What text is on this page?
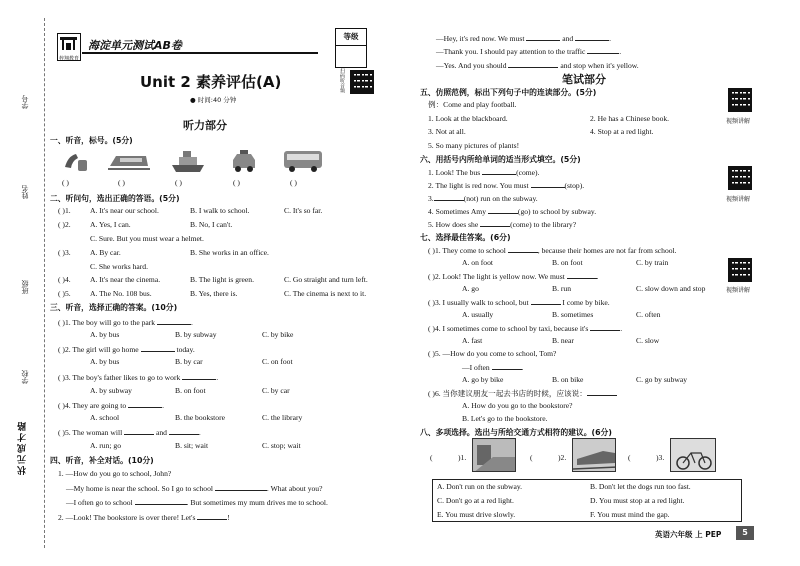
学号
姓名
班级
学校
状元成才路
梓翔教育
海淀单元测试AB卷
等级
扫码听音频
Unit 2 素养评估(A)
● 时间:40 分钟
听力部分
一、听音，标号。(5分)
( )	( )	( )	( )	( )
二、听问句，选出正确的答语。(5分)
( )1.	A. It's near our school.	B. I walk to school.	C. It's so far.
( )2.	A. Yes, I can.	B. No, I can't.
C. Sure. But you must wear a helmet.
( )3.	A. By car.	B. She works in an office.
C. She works hard.
( )4.	A. It's near the cinema.	B. The light is green.	C. Go straight and turn left.
( )5.	A. The No. 108 bus.	B. Yes, there is.	C. The cinema is next to it.
三、听音，选择正确的答案。(10分)
( )1. The boy will go to the park	.
A. by bus	B. by subway	C. by bike
( )2. The girl will go home	today.
A. by bus	B. by car	C. on foot
( )3. The boy's father likes to go to work	.
A. by subway	B. on foot	C. by car
( )4. They are going to	.
A. school	B. the bookstore	C. the library
( )5. The woman will	and	.
A. run; go	B. sit; wait	C. stop; wait
四、听音，补全对话。(10分)
1. —How do you go to school, John?
—My home is near the school. So I go to school	. What about you?
—I often go to school	. But sometimes my mum drives me to school.
2. —Look! The bookstore is over there! Let's	!
—Hey, it's red now. We must	and	.
—Thank you. I should pay attention to the traffic	.
—Yes. And you should	and stop when it's yellow.
笔试部分
五、仿照范例，标出下列句子中的连读部分。(5分)
例：Come and play football.
1. Look at the blackboard.	2. He has a Chinese book.
3. Not at all.	4. Stop at a red light.
5. So many pictures of plants!
视频讲解
六、用括号内所给单词的适当形式填空。(5分)
1. Look! The bus	(come).
2. The light is red now. You must	(stop).
3.	(not) run on the subway.
4. Sometimes Amy	(go) to school by subway.
5. How does she	(come) to the library?
视频讲解
七、选择最佳答案。(6分)
( )1. They come to school	, because their homes are not far from school.
A. on foot	B. on foot	C. by train
( )2. Look! The light is yellow now. We must	.
A. go	B. run	C. slow down and stop	视频讲解
( )3. I usually walk to school, but	I come by bike.
A. usually	B. sometimes	C. often
( )4. I sometimes come to school by taxi, because it's	.
A. fast	B. near	C. slow
( )5. —How do you come to school, Tom?
—I often	.
A. go by bike	B. on bike	C. go by subway
( )6. 当你建议朋友一起去书店的时候，应该说：
A. How do you go to the bookstore?
B. Let's go to the bookstore.
八、多项选择。选出与所给交通方式相符的建议。(6分)
(	)1.	(	)2.	(	)3.
A. Don't run on the subway.	B. Don't let the dogs run too fast.
C. Don't go at a red light.	D. You must stop at a red light.
E. You must drive slowly.	F. You must mind the gap.
英语六年级 上 PEP	5
